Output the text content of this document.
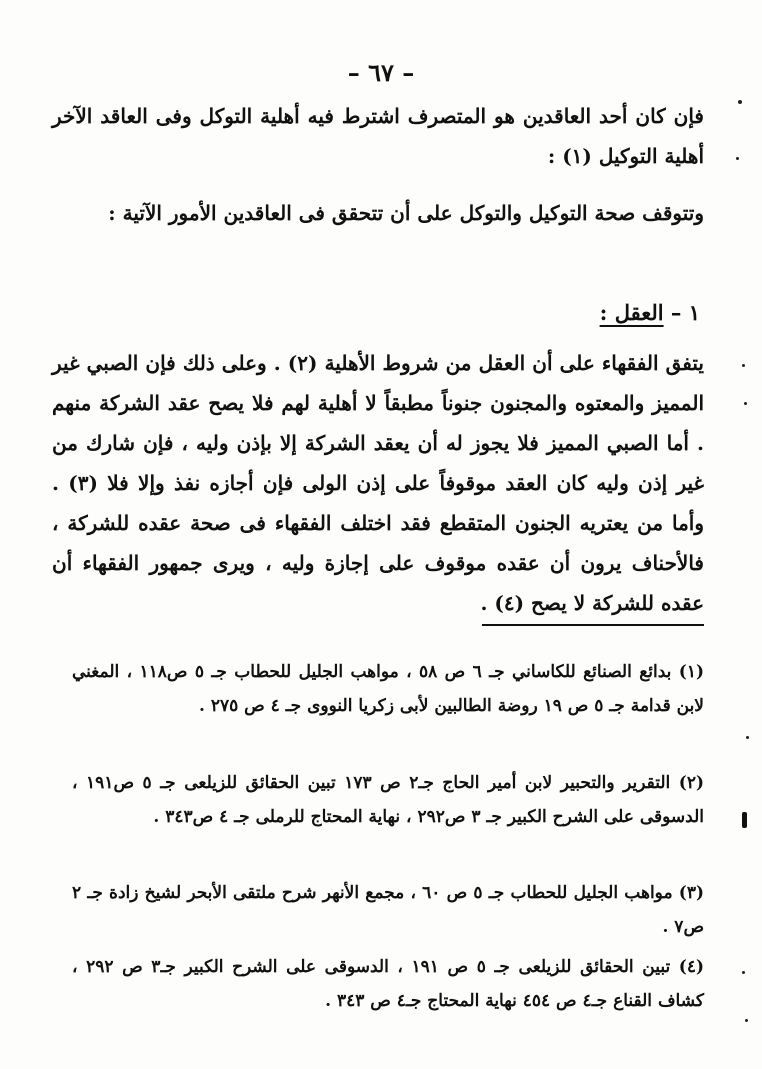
– ٦٧ –

فإن كان أحد العاقدين هو المتصرف اشترط فيه أهلية التوكل وفى العاقد الآخر أهلية التوكيل (١) :

وتتوقف صحة التوكيل والتوكل على أن تتحقق فى العاقدين الأمور الآتية :

١ – العقل :

يتفق الفقهاء على أن العقل من شروط الأهلية (٢) . وعلى ذلك فإن الصبي غير المميز والمعتوه والمجنون جنوناً مطبقاً لا أهلية لهم فلا يصح عقد الشركة منهم . أما الصبي المميز فلا يجوز له أن يعقد الشركة إلا بإذن وليه ، فإن شارك من غير إذن وليه كان العقد موقوفاً على إذن الولى فإن أجازه نفذ وإلا فلا (٣) . وأما من يعتريه الجنون المتقطع فقد اختلف الفقهاء فى صحة عقده للشركة ، فالأحناف يرون أن عقده موقوف على إجازة وليه ، ويرى جمهور الفقهاء أن عقده للشركة لا يصح (٤) .

(١) بدائع الصنائع للكاساني جـ ٦ ص ٥٨ ، مواهب الجليل للحطاب جـ ٥ ص١١٨ ، المغني لابن قدامة جـ ٥ ص ١٩ روضة الطالبين لأبى زكريا النووى جـ ٤ ص ٢٧٥ .

(٢) التقرير والتحبير لابن أمير الحاج جـ٢ ص ١٧٣ تبين الحقائق للزيلعى جـ ٥ ص١٩١ ، الدسوقى على الشرح الكبير جـ ٣ ص٢٩٢ ، نهاية المحتاج للرملى جـ ٤ ص٣٤٣ .

(٣) مواهب الجليل للحطاب جـ ٥ ص ٦٠ ، مجمع الأنهر شرح ملتقى الأبحر لشيخ زادة جـ ٢ ص٧ .

(٤) تبين الحقائق للزيلعى جـ ٥ ص ١٩١ ، الدسوقى على الشرح الكبير جـ٣ ص ٢٩٢ ، كشاف القناع جـ٤ ص ٤٥٤ نهاية المحتاج جـ٤ ص ٣٤٣ .
